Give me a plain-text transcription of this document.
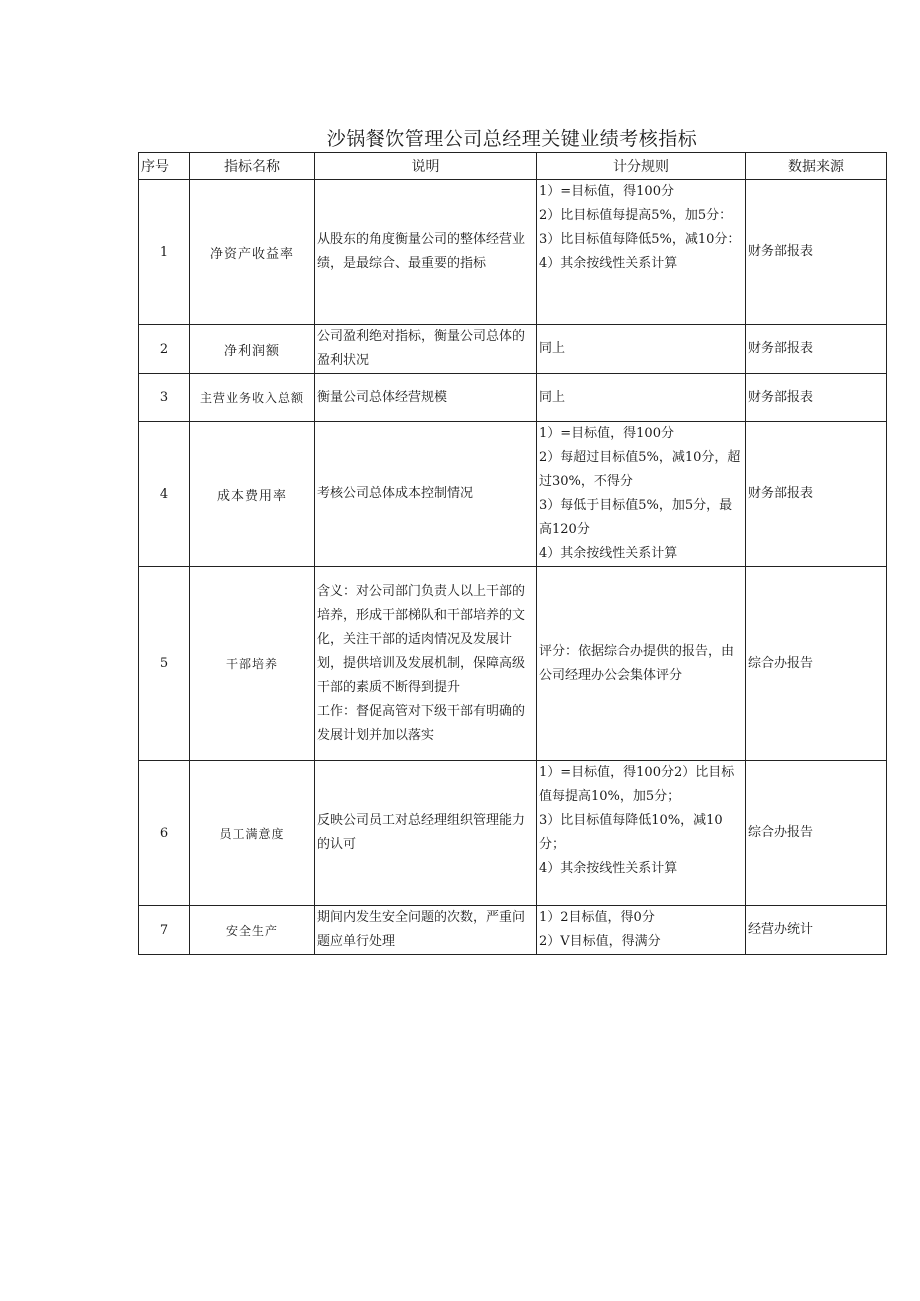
沙锅餐饮管理公司总经理关键业绩考核指标
序号	指标名称	说明	计分规则	数据来源
1	净资产收益率	从股东的角度衡量公司的整体经营业绩，是最综合、最重要的指标	1）=目标值，得100分
2）比目标值每提高5%，加5分：
3）比目标值每降低5%，减10分：
4）其余按线性关系计算	财务部报表
2	净利润额	公司盈利绝对指标，衡量公司总体的盈利状况	同上	财务部报表
3	主营业务收入总额	衡量公司总体经营规模	同上	财务部报表
4	成本费用率	考核公司总体成本控制情况	1）=目标值，得100分
2）每超过目标值5%，减10分，超过30%，不得分
3）每低于目标值5%，加5分，最高120分
4）其余按线性关系计算	财务部报表
5	干部培养	含义：对公司部门负责人以上干部的培养，形成干部梯队和干部培养的文化，关注干部的适肉情况及发展计划，提供培训及发展机制，保障高级干部的素质不断得到提升
工作：督促高管对下级干部有明确的发展计划并加以落实	评分：依据综合办提供的报告，由公司经理办公会集体评分	综合办报告
6	员工满意度	反映公司员工对总经理组织管理能力的认可	1）=目标值，得100分2）比目标值每提高10%，加5分；
3）比目标值每降低10%，减10分；
4）其余按线性关系计算	综合办报告
7	安全生产	期间内发生安全问题的次数，严重问题应单行处理	1）2目标值，得0分
2）V目标值，得满分	经营办统计
